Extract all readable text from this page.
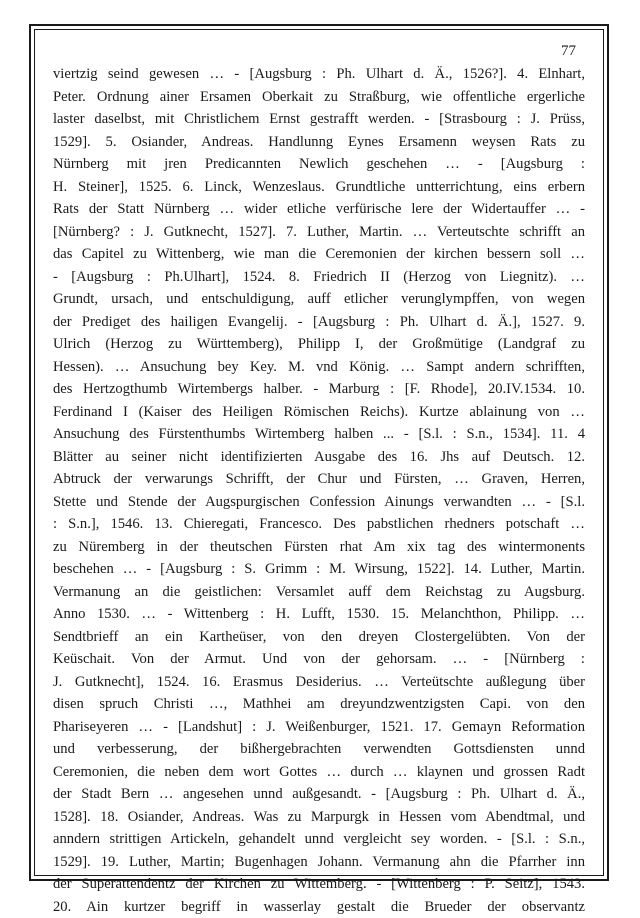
77
viertzig seind gewesen … - [Augsburg : Ph. Ulhart d. Ä., 1526?]. 4. Elnhart,
Peter. Ordnung ainer Ersamen Oberkait zu Straßburg, wie offentliche ergerliche
laster daselbst, mit Christlichem Ernst gestrafft werden. - [Strasbourg : J. Prüss,
1529]. 5. Osiander, Andreas. Handlunng Eynes Ersamenn weysen Rats zu
Nürnberg mit jren Predicannten Newlich geschehen … - [Augsburg :
H. Steiner], 1525. 6. Linck, Wenzeslaus. Grundtliche untterrichtung, eins erbern
Rats der Statt Nürnberg … wider etliche verfürische lere der Widertauffer … -
[Nürnberg? : J. Gutknecht, 1527]. 7. Luther, Martin. … Verteutschte schrifft an
das Capitel zu Wittenberg, wie man die Ceremonien der kirchen bessern soll …
- [Augsburg : Ph.Ulhart], 1524. 8. Friedrich II (Herzog von Liegnitz). …
Grundt, ursach, und entschuldigung, auff etlicher verunglympffen, von wegen
der Prediget des hailigen Evangelij. - [Augsburg : Ph. Ulhart d. Ä.], 1527. 9.
Ulrich (Herzog zu Württemberg), Philipp I, der Großmütige (Landgraf zu
Hessen). … Ansuchung bey Key. M. vnd König. … Sampt andern schrifften,
des Hertzogthumb Wirtembergs halber. - Marburg : [F. Rhode], 20.IV.1534. 10.
Ferdinand I (Kaiser des Heiligen Römischen Reichs). Kurtze ablainung von …
Ansuchung des Fürstenthumbs Wirtemberg halben ... - [S.l. : S.n., 1534]. 11. 4
Blätter au seiner nicht identifizierten Ausgabe des 16. Jhs auf Deutsch. 12.
Abtruck der verwarungs Schrifft, der Chur und Fürsten, … Graven, Herren,
Stette und Stende der Augspurgischen Confession Ainungs verwandten … - [S.l.
: S.n.], 1546. 13. Chieregati, Francesco. Des pabstlichen rhedners potschaft …
zu Nüremberg in der theutschen Fürsten rhat Am xix tag des wintermonents
beschehen … - [Augsburg : S. Grimm : M. Wirsung, 1522]. 14. Luther, Martin.
Vermanung an die geistlichen: Versamlet auff dem Reichstag zu Augsburg.
Anno 1530. … - Wittenberg : H. Lufft, 1530. 15. Melanchthon, Philipp. …
Sendtbrieff an ein Kartheüser, von den dreyen Clostergelübten. Von der
Keüschait. Von der Armut. Und von der gehorsam. … - [Nürnberg :
J. Gutknecht], 1524. 16. Erasmus Desiderius. … Verteütschte außlegung über
disen spruch Christi …, Mathhei am dreyundzwentzigsten Capi. von den
Phariseyeren … - [Landshut] : J. Weißenburger, 1521. 17. Gemayn Reformation
und verbesserung, der bißhergebrachten verwendten Gottsdiensten unnd
Ceremonien, die neben dem wort Gottes … durch … klaynen und grossen Radt
der Stadt Bern … angesehen unnd außgesandt. - [Augsburg : Ph. Ulhart d. Ä.,
1528]. 18. Osiander, Andreas. Was zu Marpurgk in Hessen vom Abendtmal, und
anndern strittigen Artickeln, gehandelt unnd vergleicht sey worden. - [S.l. : S.n.,
1529]. 19. Luther, Martin; Bugenhagen Johann. Vermanung ahn die Pfarrher inn
der Superattendentz der Kirchen zu Wittemberg. - [Wittenberg : P. Seitz], 1543.
20. Ain kurtzer begriff in wasserlay gestalt die Brueder der observantz
